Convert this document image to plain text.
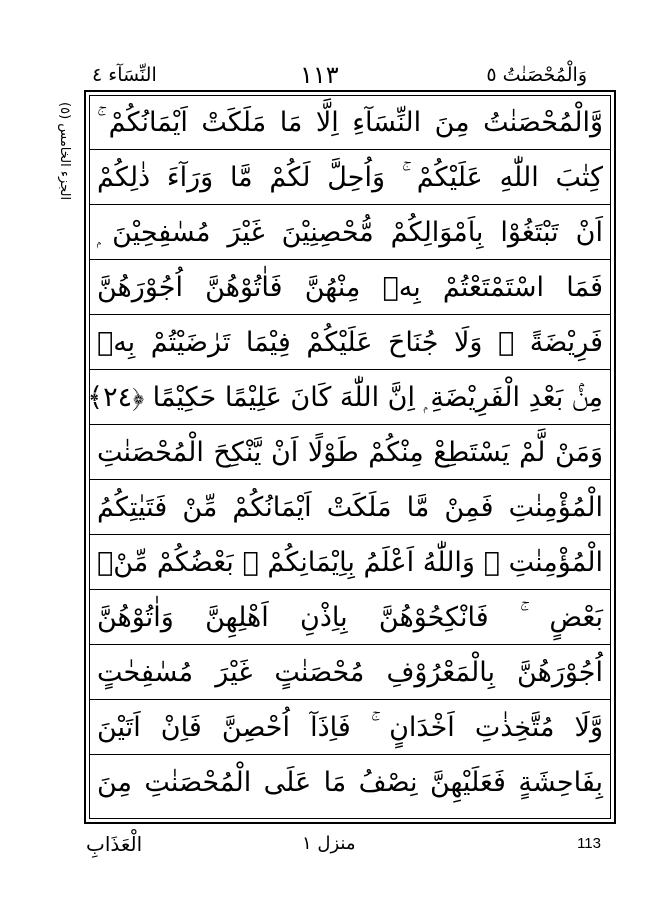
النِّسَآء ٤	۱۱۳	وَالْمُحْصَنٰتُ ٥
الجزء الخامس (٥) وَّالْمُحْصَنٰتُ مِنَ النِّسَآءِ اِلَّا مَا مَلَكَتْ اَيْمَانُكُمْ ۚ
كِتٰبَ اللّٰهِ عَلَيْكُمْ ۚ وَاُحِلَّ لَكُمْ مَّا وَرَآءَ ذٰلِكُمْ
اَنْ تَبْتَغُوْا بِاَمْوَالِكُمْ مُّحْصِنِيْنَ غَيْرَ مُسٰفِحِيْنَ ۭ
فَمَا اسْتَمْتَعْتُمْ بِهٖ مِنْهُنَّ فَاٰتُوْهُنَّ اُجُوْرَهُنَّ
فَرِيْضَةً ۭ وَلَا جُنَاحَ عَلَيْكُمْ فِيْمَا تَرٰضَيْتُمْ بِهٖ
مِنْۢ بَعْدِ الْفَرِيْضَةِ ۭ اِنَّ اللّٰهَ كَانَ عَلِيْمًا حَكِيْمًا ﴿٢٤﴾
وَمَنْ لَّمْ يَسْتَطِعْ مِنْكُمْ طَوْلًا اَنْ يَّنْكِحَ الْمُحْصَنٰتِ
الْمُؤْمِنٰتِ فَمِنْ مَّا مَلَكَتْ اَيْمَانُكُمْ مِّنْ فَتَيٰتِكُمُ
الْمُؤْمِنٰتِ ۭ وَاللّٰهُ اَعْلَمُ بِاِيْمَانِكُمْ ۭ بَعْضُكُمْ مِّنْۢ
بَعْضٍ ۚ فَانْكِحُوْهُنَّ بِاِذْنِ اَهْلِهِنَّ وَاٰتُوْهُنَّ
اُجُوْرَهُنَّ بِالْمَعْرُوْفِ مُحْصَنٰتٍ غَيْرَ مُسٰفِحٰتٍ
وَّلَا مُتَّخِذٰتِ اَخْدَانٍ ۚ فَاِذَآ اُحْصِنَّ فَاِنْ اَتَيْنَ
بِفَاحِشَةٍ فَعَلَيْهِنَّ نِصْفُ مَا عَلَى الْمُحْصَنٰتِ مِنَ
الْعَذَابِ	منزل ١	113
